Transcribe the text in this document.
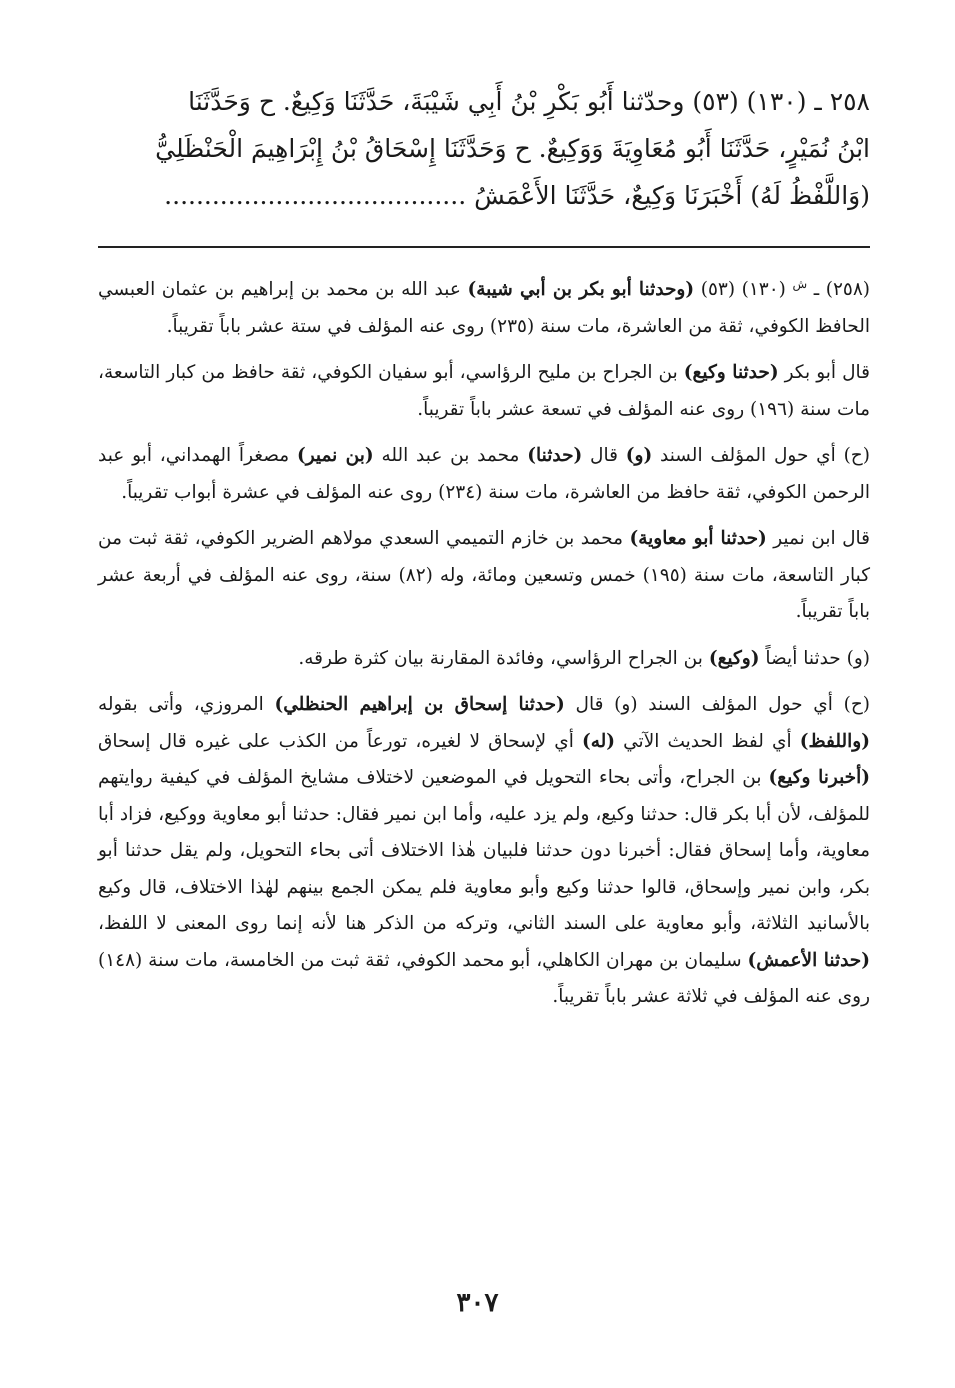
٢٥٨ ـ (١٣٠) (٥٣) وحدّثنا أَبُو بَكْرِ بْنُ أَبِي شَيْبَةَ، حَدَّثَنَا وَكِيعٌ. ح وَحَدَّثَنَا
ابْنُ نُمَيْرٍ، حَدَّثَنَا أَبُو مُعَاوِيَةَ وَوَكِيعٌ. ح وَحَدَّثَنَا إِسْحَاقُ بْنُ إِبْرَاهِيمَ الْحَنْظَلِيُّ
(وَاللَّفْظُ لَهُ) أَخْبَرَنَا وَكِيعٌ، حَدَّثَنَا الأَعْمَشُ ......................................

(٢٥٨) ـ $^ش$ (١٣٠) (٥٣) (وحدثنا أبو بكر بن أبي شيبة) عبد الله بن محمد بن إبراهيم بن عثمان العبسي الحافظ الكوفي، ثقة من العاشرة، مات سنة (٢٣٥) روى عنه المؤلف في ستة عشر باباً تقريباً.

قال أبو بكر (حدثنا وكيع) بن الجراح بن مليح الرؤاسي، أبو سفيان الكوفي، ثقة حافظ من كبار التاسعة، مات سنة (١٩٦) روى عنه المؤلف في تسعة عشر باباً تقريباً.

(ح) أي حول المؤلف السند (و) قال (حدثنا) محمد بن عبد الله (بن نمير) مصغراً الهمداني، أبو عبد الرحمن الكوفي، ثقة حافظ من العاشرة، مات سنة (٢٣٤) روى عنه المؤلف في عشرة أبواب تقريباً.

قال ابن نمير (حدثنا أبو معاوية) محمد بن خازم التميمي السعدي مولاهم الضرير الكوفي، ثقة ثبت من كبار التاسعة، مات سنة (١٩٥) خمس وتسعين ومائة، وله (٨٢) سنة، روى عنه المؤلف في أربعة عشر باباً تقريباً.

(و) حدثنا أيضاً (وكيع) بن الجراح الرؤاسي، وفائدة المقارنة بيان كثرة طرقه.

(ح) أي حول المؤلف السند (و) قال (حدثنا إسحاق بن إبراهيم الحنظلي) المروزي، وأتى بقوله (واللفظ) أي لفظ الحديث الآتي (له) أي لإسحاق لا لغيره، تورعاً من الكذب على غيره قال إسحاق (أخبرنا وكيع) بن الجراح، وأتى بحاء التحويل في الموضعين لاختلاف مشايخ المؤلف في كيفية روايتهم للمؤلف، لأن أبا بكر قال: حدثنا وكيع، ولم يزد عليه، وأما ابن نمير فقال: حدثنا أبو معاوية ووكيع، فزاد أبا معاوية، وأما إسحاق فقال: أخبرنا دون حدثنا فلبيان هٰذا الاختلاف أتى بحاء التحويل، ولم يقل حدثنا أبو بكر، وابن نمير وإسحاق، قالوا حدثنا وكيع وأبو معاوية فلم يمكن الجمع بينهم لهٰذا الاختلاف، قال وكيع بالأسانيد الثلاثة، وأبو معاوية على السند الثاني، وتركه من الذكر هنا لأنه إنما روى المعنى لا اللفظ، (حدثنا الأعمش) سليمان بن مهران الكاهلي، أبو محمد الكوفي، ثقة ثبت من الخامسة، مات سنة (١٤٨) روى عنه المؤلف في ثلاثة عشر باباً تقريباً.

٣٠٧
